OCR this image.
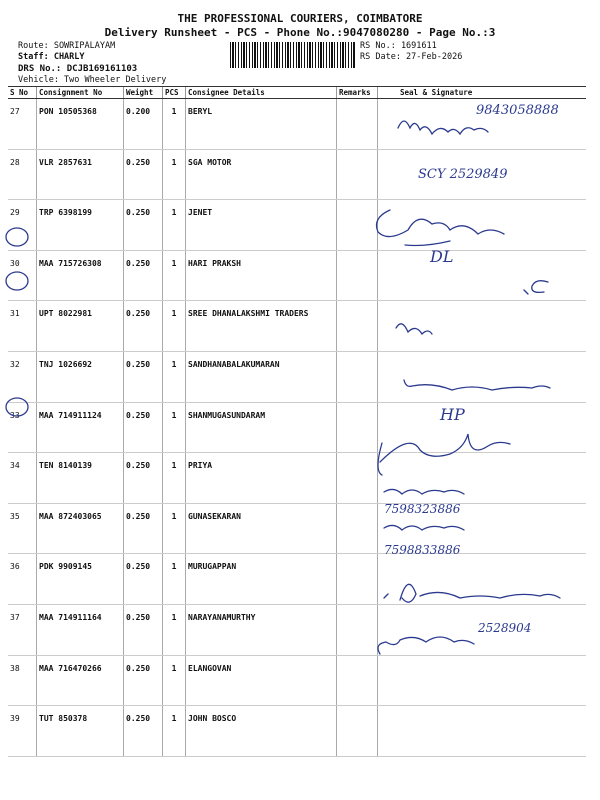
THE PROFESSIONAL COURIERS, COIMBATORE
Delivery Runsheet - PCS - Phone No.:9047080280 - Page No.:3
Route: SOWRIPALAYAM
Staff: CHARLY
DRS No.: DCJB169161103
Vehicle: Two Wheeler Delivery
RS No.: 1691611
RS Date: 27-Feb-2026
S No	Consignment No	Weight	PCS	Consignee Details	Remarks	Seal & Signature
27	PON 10505368	0.200	1	BERYL		
28	VLR 2857631	0.250	1	SGA MOTOR		
29	TRP 6398199	0.250	1	JENET		
30	MAA 715726308	0.250	1	HARI PRAKSH		
31	UPT 8022981	0.250	1	SREE DHANALAKSHMI TRADERS		
32	TNJ 1026692	0.250	1	SANDHANABALAKUMARAN		
33	MAA 714911124	0.250	1	SHANMUGASUNDARAM		
34	TEN 8140139	0.250	1	PRIYA		
35	MAA 872403065	0.250	1	GUNASEKARAN		
36	PDK 9909145	0.250	1	MURUGAPPAN		
37	MAA 714911164	0.250	1	NARAYANAMURTHY		
38	MAA 716470266	0.250	1	ELANGOVAN		
39	TUT 850378	0.250	1	JOHN BOSCO		
9843058888
SCY 2529849
7598323886
7598833886
2528904
HP
DL
